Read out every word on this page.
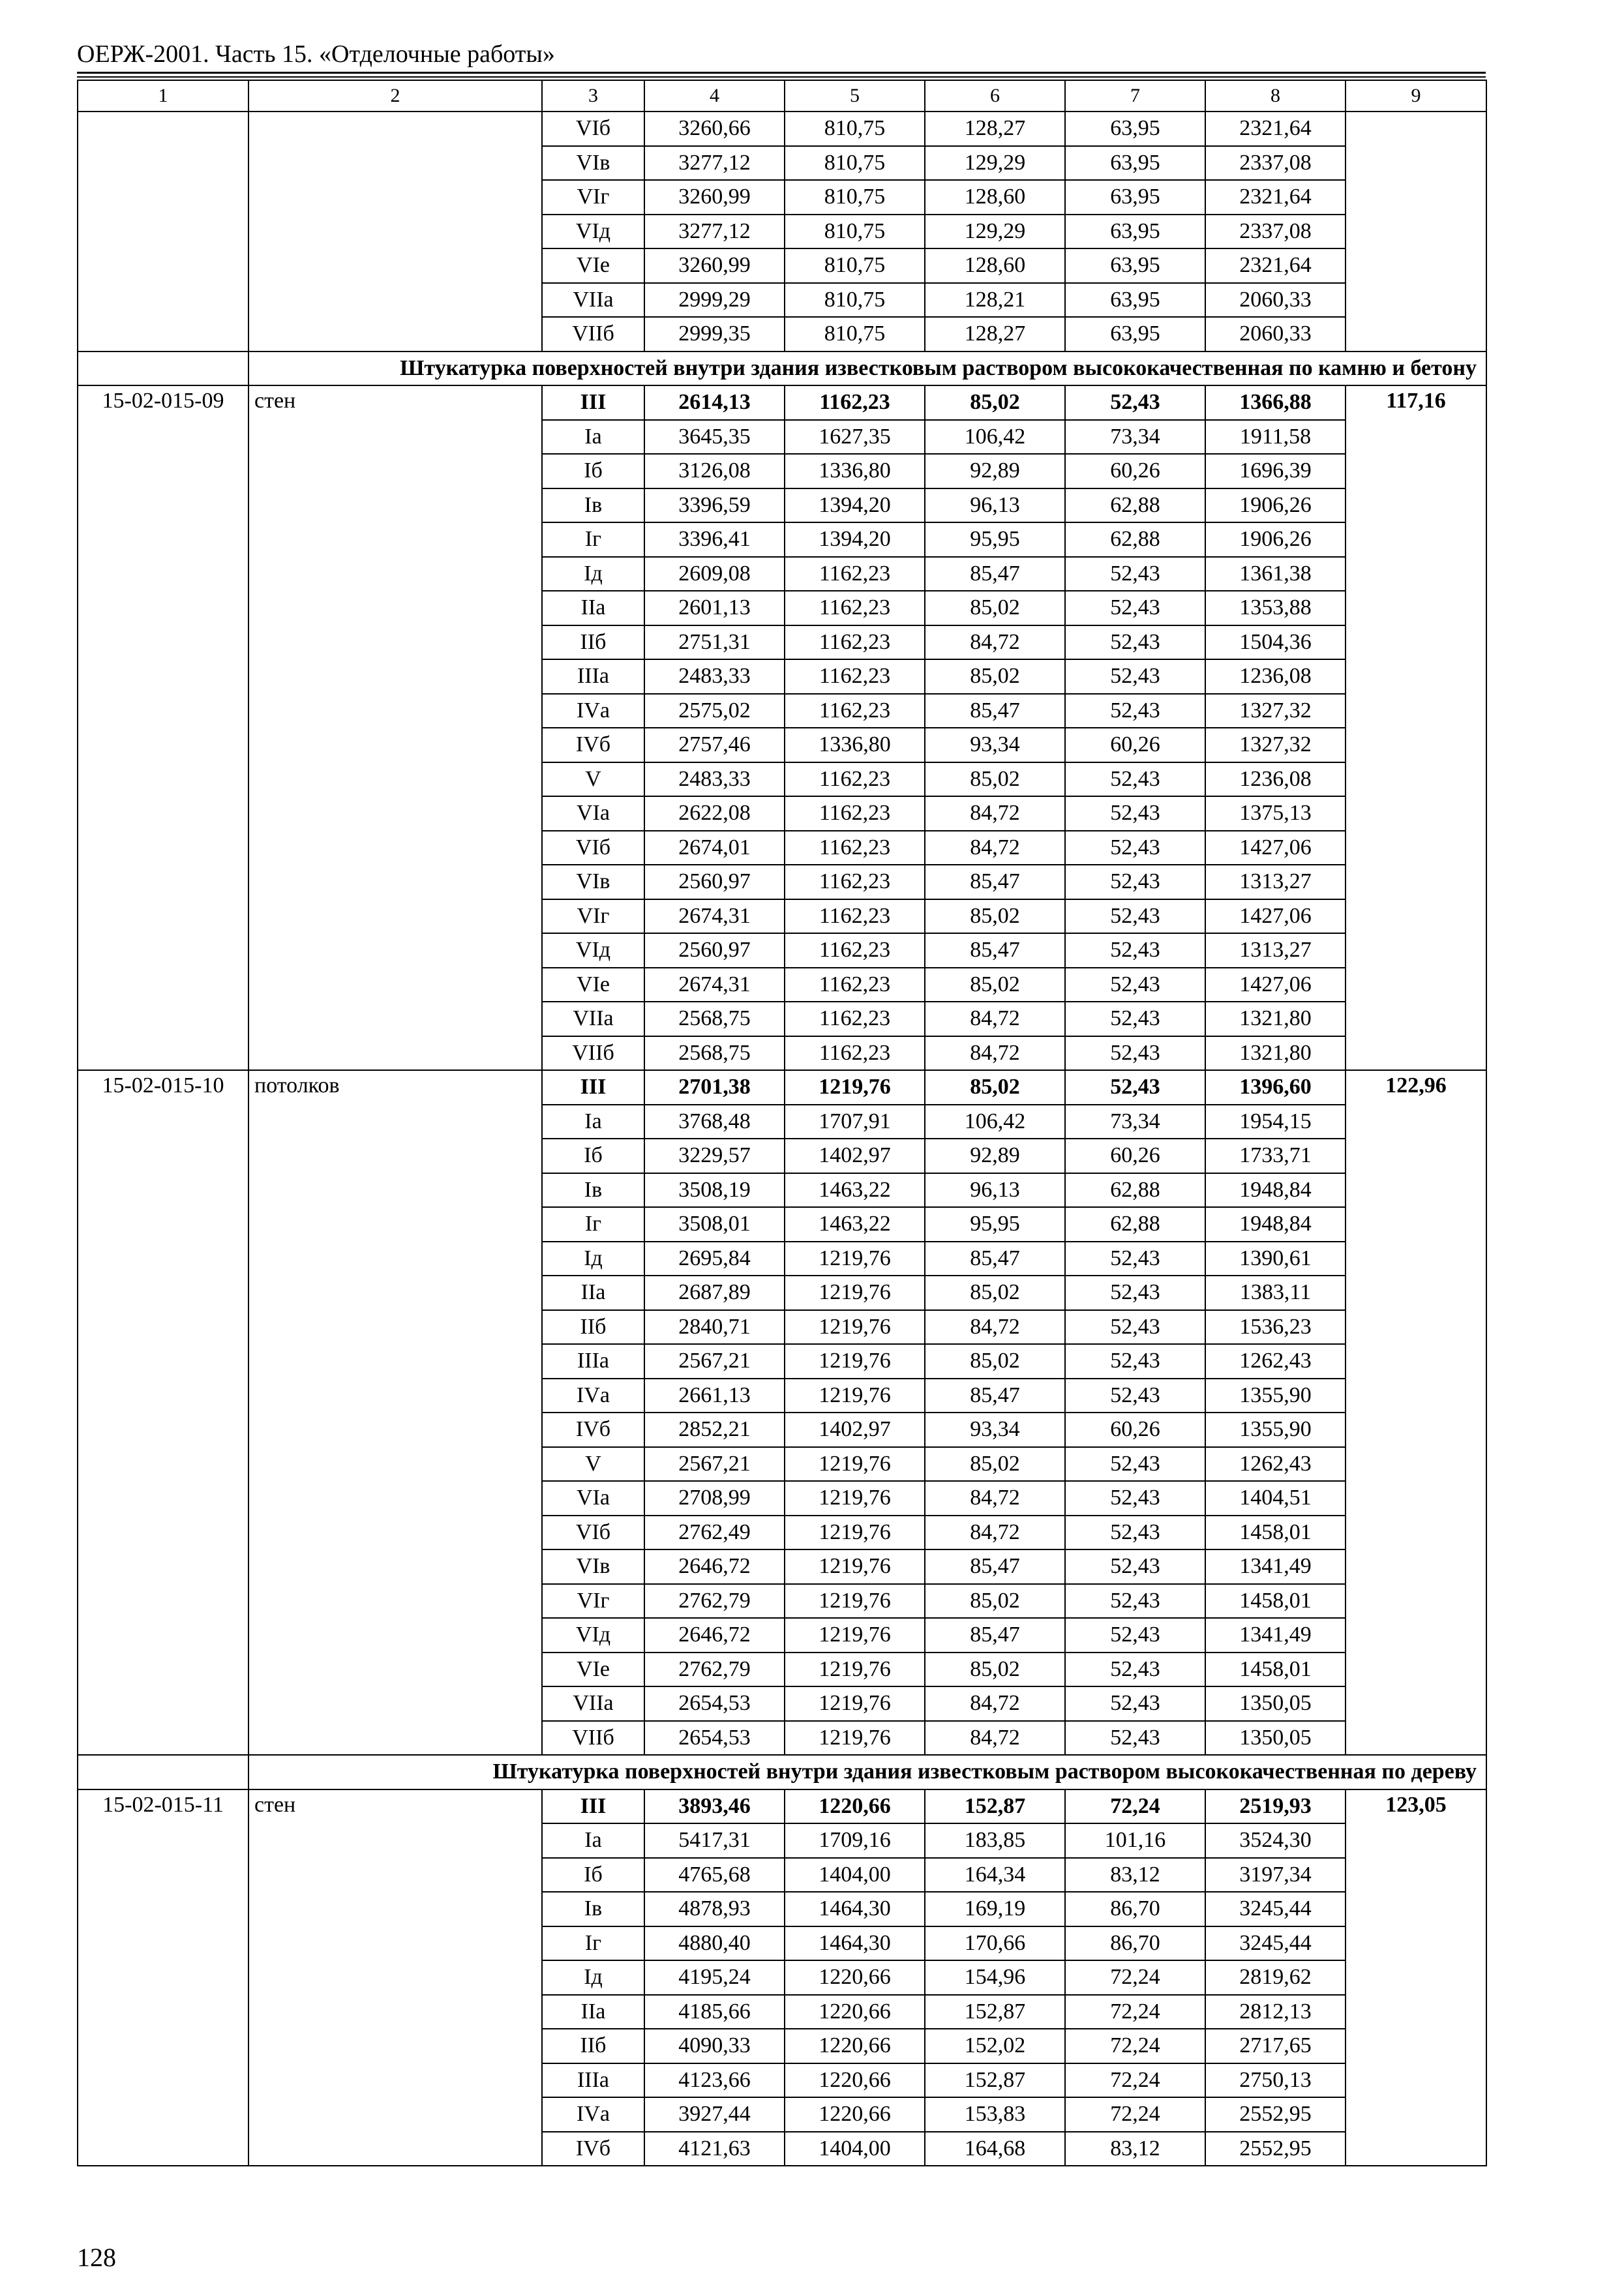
ОЕРЖ-2001. Часть 15. «Отделочные работы»
1	2	3	4	5	6	7	8	9
		VIб	3260,66	810,75	128,27	63,95	2321,64	
		VIв	3277,12	810,75	129,29	63,95	2337,08	
		VIг	3260,99	810,75	128,60	63,95	2321,64	
		VIд	3277,12	810,75	129,29	63,95	2337,08	
		VIе	3260,99	810,75	128,60	63,95	2321,64	
		VIIа	2999,29	810,75	128,21	63,95	2060,33	
		VIIб	2999,35	810,75	128,27	63,95	2060,33	
	Штукатурка поверхностей внутри здания известковым раствором высококачественная по камню и бетону							
15-02-015-09	стен	III	2614,13	1162,23	85,02	52,43	1366,88	117,16
		Iа	3645,35	1627,35	106,42	73,34	1911,58	
		Iб	3126,08	1336,80	92,89	60,26	1696,39	
		Iв	3396,59	1394,20	96,13	62,88	1906,26	
		Iг	3396,41	1394,20	95,95	62,88	1906,26	
		Iд	2609,08	1162,23	85,47	52,43	1361,38	
		IIа	2601,13	1162,23	85,02	52,43	1353,88	
		IIб	2751,31	1162,23	84,72	52,43	1504,36	
		IIIа	2483,33	1162,23	85,02	52,43	1236,08	
		IVа	2575,02	1162,23	85,47	52,43	1327,32	
		IVб	2757,46	1336,80	93,34	60,26	1327,32	
		V	2483,33	1162,23	85,02	52,43	1236,08	
		VIа	2622,08	1162,23	84,72	52,43	1375,13	
		VIб	2674,01	1162,23	84,72	52,43	1427,06	
		VIв	2560,97	1162,23	85,47	52,43	1313,27	
		VIг	2674,31	1162,23	85,02	52,43	1427,06	
		VIд	2560,97	1162,23	85,47	52,43	1313,27	
		VIе	2674,31	1162,23	85,02	52,43	1427,06	
		VIIа	2568,75	1162,23	84,72	52,43	1321,80	
		VIIб	2568,75	1162,23	84,72	52,43	1321,80	
15-02-015-10	потолков	III	2701,38	1219,76	85,02	52,43	1396,60	122,96
		Iа	3768,48	1707,91	106,42	73,34	1954,15	
		Iб	3229,57	1402,97	92,89	60,26	1733,71	
		Iв	3508,19	1463,22	96,13	62,88	1948,84	
		Iг	3508,01	1463,22	95,95	62,88	1948,84	
		Iд	2695,84	1219,76	85,47	52,43	1390,61	
		IIа	2687,89	1219,76	85,02	52,43	1383,11	
		IIб	2840,71	1219,76	84,72	52,43	1536,23	
		IIIа	2567,21	1219,76	85,02	52,43	1262,43	
		IVа	2661,13	1219,76	85,47	52,43	1355,90	
		IVб	2852,21	1402,97	93,34	60,26	1355,90	
		V	2567,21	1219,76	85,02	52,43	1262,43	
		VIа	2708,99	1219,76	84,72	52,43	1404,51	
		VIб	2762,49	1219,76	84,72	52,43	1458,01	
		VIв	2646,72	1219,76	85,47	52,43	1341,49	
		VIг	2762,79	1219,76	85,02	52,43	1458,01	
		VIд	2646,72	1219,76	85,47	52,43	1341,49	
		VIе	2762,79	1219,76	85,02	52,43	1458,01	
		VIIа	2654,53	1219,76	84,72	52,43	1350,05	
		VIIб	2654,53	1219,76	84,72	52,43	1350,05	
	Штукатурка поверхностей внутри здания известковым раствором высококачественная по дереву							
15-02-015-11	стен	III	3893,46	1220,66	152,87	72,24	2519,93	123,05
		Iа	5417,31	1709,16	183,85	101,16	3524,30	
		Iб	4765,68	1404,00	164,34	83,12	3197,34	
		Iв	4878,93	1464,30	169,19	86,70	3245,44	
		Iг	4880,40	1464,30	170,66	86,70	3245,44	
		Iд	4195,24	1220,66	154,96	72,24	2819,62	
		IIа	4185,66	1220,66	152,87	72,24	2812,13	
		IIб	4090,33	1220,66	152,02	72,24	2717,65	
		IIIа	4123,66	1220,66	152,87	72,24	2750,13	
		IVа	3927,44	1220,66	153,83	72,24	2552,95	
		IVб	4121,63	1404,00	164,68	83,12	2552,95	
128
